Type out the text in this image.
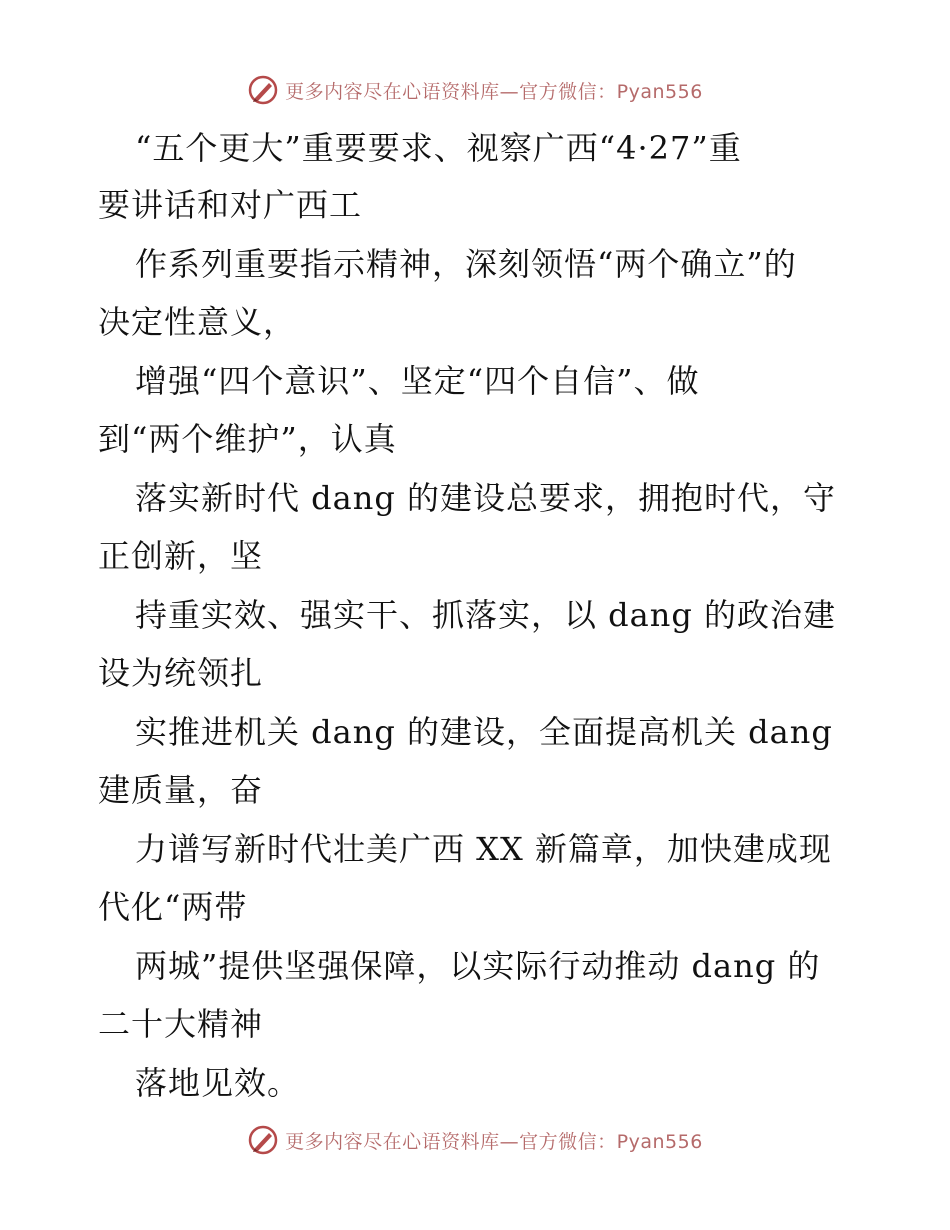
更多内容尽在心语资料库—官方微信：Pyan556
“五个更大”重要要求、视察广西“4·27”重
要讲话和对广西工
作系列重要指示精神，深刻领悟“两个确立”的
决定性意义，
增强“四个意识”、坚定“四个自信”、做
到“两个维护”，认真
落实新时代 dang 的建设总要求，拥抱时代，守
正创新，坚
持重实效、强实干、抓落实，以 dang 的政治建
设为统领扎
实推进机关 dang 的建设，全面提高机关 dang
建质量，奋
力谱写新时代壮美广西 XX 新篇章，加快建成现
代化“两带
两城”提供坚强保障，以实际行动推动 dang 的
二十大精神
落地见效。
更多内容尽在心语资料库—官方微信：Pyan556
